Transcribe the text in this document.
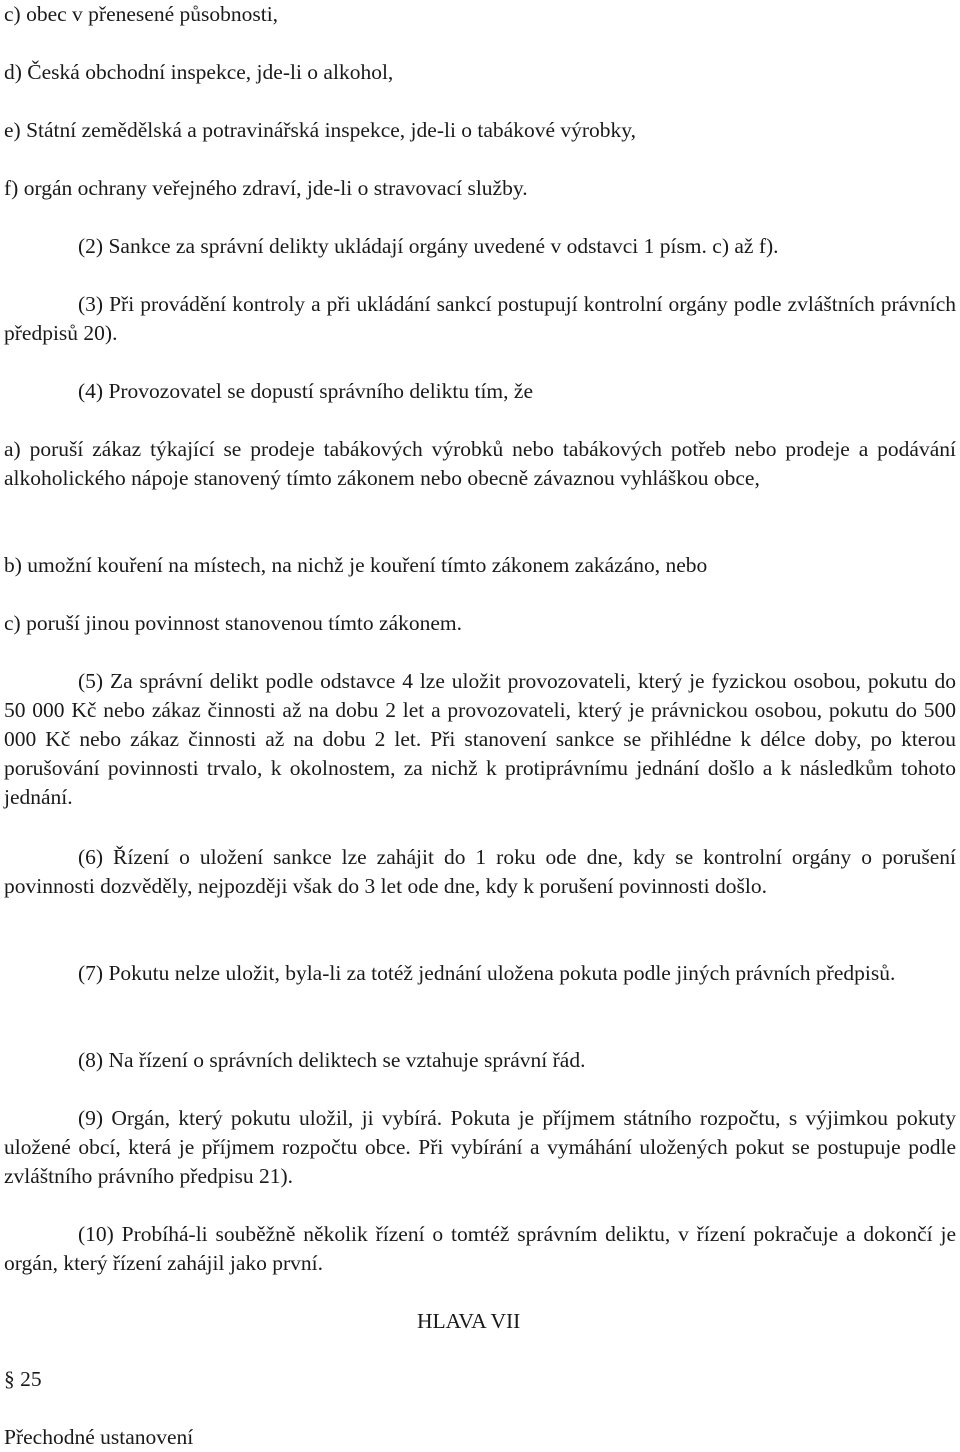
c) obec v přenesené působnosti,
d) Česká obchodní inspekce, jde-li o alkohol,
e) Státní zemědělská a potravinářská inspekce, jde-li o tabákové výrobky,
f) orgán ochrany veřejného zdraví, jde-li o stravovací služby.
(2) Sankce za správní delikty ukládají orgány uvedené v odstavci 1 písm. c) až f).
(3) Při provádění kontroly a při ukládání sankcí postupují kontrolní orgány podle zvláštních právních předpisů 20).
(4) Provozovatel se dopustí správního deliktu tím, že
a) poruší zákaz týkající se prodeje tabákových výrobků nebo tabákových potřeb nebo prodeje a podávání alkoholického nápoje stanovený tímto zákonem nebo obecně závaznou vyhláškou obce,
b) umožní kouření na místech, na nichž je kouření tímto zákonem zakázáno, nebo
c) poruší jinou povinnost stanovenou tímto zákonem.
(5) Za správní delikt podle odstavce 4 lze uložit provozovateli, který je fyzickou osobou, pokutu do 50 000 Kč nebo zákaz činnosti až na dobu 2 let a provozovateli, který je právnickou osobou, pokutu do 500 000 Kč nebo zákaz činnosti až na dobu 2 let. Při stanovení sankce se přihlédne k délce doby, po kterou porušování povinnosti trvalo, k okolnostem, za nichž k protiprávnímu jednání došlo a k následkům tohoto jednání.
(6) Řízení o uložení sankce lze zahájit do 1 roku ode dne, kdy se kontrolní orgány o porušení povinnosti dozvěděly, nejpozději však do 3 let ode dne, kdy k porušení povinnosti došlo.
(7) Pokutu nelze uložit, byla-li za totéž jednání uložena pokuta podle jiných právních předpisů.
(8) Na řízení o správních deliktech se vztahuje správní řád.
(9) Orgán, který pokutu uložil, ji vybírá. Pokuta je příjmem státního rozpočtu, s výjimkou pokuty uložené obcí, která je příjmem rozpočtu obce. Při vybírání a vymáhání uložených pokut se postupuje podle zvláštního právního předpisu 21).
(10) Probíhá-li souběžně několik řízení o tomtéž správním deliktu, v řízení pokračuje a dokončí je orgán, který řízení zahájil jako první.
HLAVA VII
§ 25
Přechodné ustanovení
